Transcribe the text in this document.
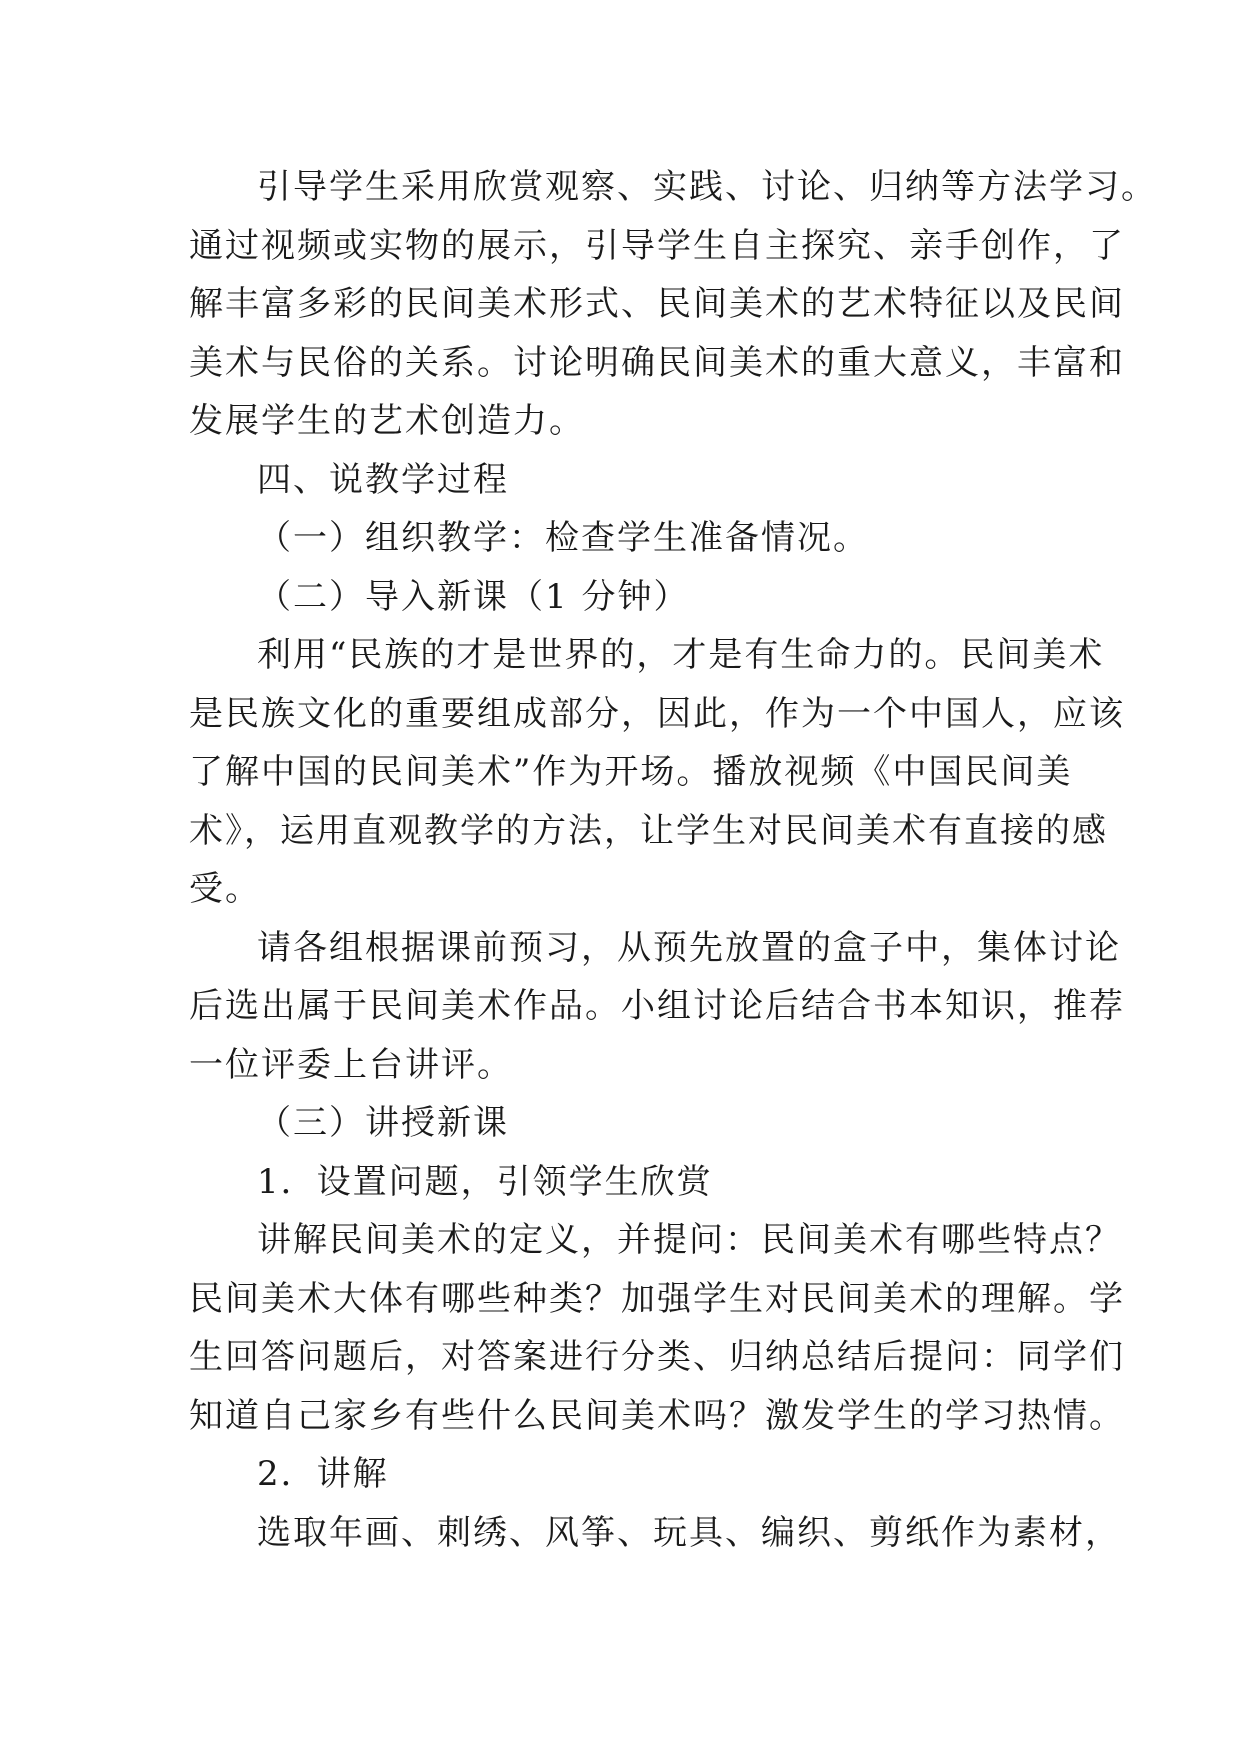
引导学生采用欣赏观察、实践、讨论、归纳等方法学习。
通过视频或实物的展示，引导学生自主探究、亲手创作，了
解丰富多彩的民间美术形式、民间美术的艺术特征以及民间
美术与民俗的关系。讨论明确民间美术的重大意义，丰富和
发展学生的艺术创造力。
四、说教学过程
（一）组织教学：检查学生准备情况。
（二）导入新课（1 分钟）
利用“民族的才是世界的，才是有生命力的。民间美术
是民族文化的重要组成部分，因此，作为一个中国人，应该
了解中国的民间美术”作为开场。播放视频《中国民间美
术》，运用直观教学的方法，让学生对民间美术有直接的感
受。
请各组根据课前预习，从预先放置的盒子中，集体讨论
后选出属于民间美术作品。小组讨论后结合书本知识，推荐
一位评委上台讲评。
（三）讲授新课
1．设置问题，引领学生欣赏
讲解民间美术的定义，并提问：民间美术有哪些特点？
民间美术大体有哪些种类？加强学生对民间美术的理解。学
生回答问题后，对答案进行分类、归纳总结后提问：同学们
知道自己家乡有些什么民间美术吗？激发学生的学习热情。
2．讲解
选取年画、刺绣、风筝、玩具、编织、剪纸作为素材，
